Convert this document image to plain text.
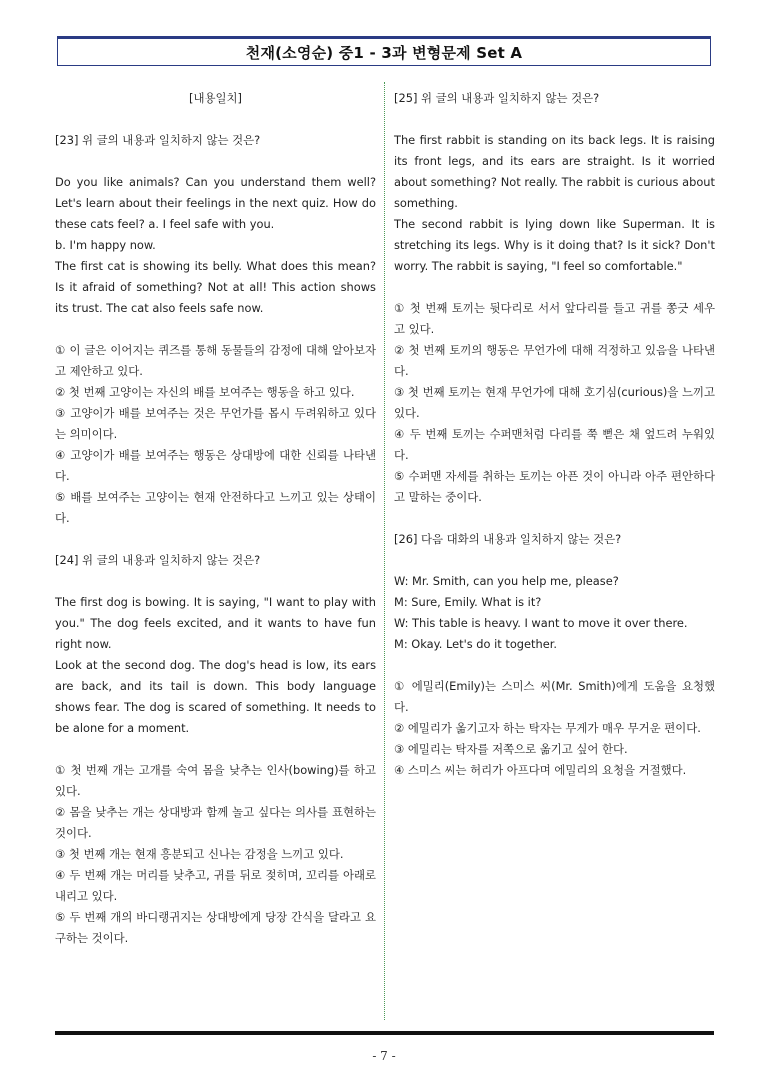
천재(소영순) 중1 - 3과 변형문제 Set A

[내용일치]

[23] 위 글의 내용과 일치하지 않는 것은?

Do you like animals? Can you understand them well? Let's learn about their feelings in the next quiz. How do these cats feel? a. I feel safe with you.

b. I'm happy now.

The first cat is showing its belly. What does this mean? Is it afraid of something? Not at all! This action shows its trust. The cat also feels safe now.

① 이 글은 이어지는 퀴즈를 통해 동물들의 감정에 대해 알아보자고 제안하고 있다.

② 첫 번째 고양이는 자신의 배를 보여주는 행동을 하고 있다.

③ 고양이가 배를 보여주는 것은 무언가를 몹시 두려워하고 있다는 의미이다.

④ 고양이가 배를 보여주는 행동은 상대방에 대한 신뢰를 나타낸다.

⑤ 배를 보여주는 고양이는 현재 안전하다고 느끼고 있는 상태이다.

[24] 위 글의 내용과 일치하지 않는 것은?

The first dog is bowing. It is saying, "I want to play with you." The dog feels excited, and it wants to have fun right now.

Look at the second dog. The dog's head is low, its ears are back, and its tail is down. This body language shows fear. The dog is scared of something. It needs to be alone for a moment.

① 첫 번째 개는 고개를 숙여 몸을 낮추는 인사(bowing)를 하고 있다.

② 몸을 낮추는 개는 상대방과 함께 놀고 싶다는 의사를 표현하는 것이다.

③ 첫 번째 개는 현재 흥분되고 신나는 감정을 느끼고 있다.

④ 두 번째 개는 머리를 낮추고, 귀를 뒤로 젖히며, 꼬리를 아래로 내리고 있다.

⑤ 두 번째 개의 바디랭귀지는 상대방에게 당장 간식을 달라고 요구하는 것이다.

[25] 위 글의 내용과 일치하지 않는 것은?

The first rabbit is standing on its back legs. It is raising its front legs, and its ears are straight. Is it worried about something? Not really. The rabbit is curious about something.

The second rabbit is lying down like Superman. It is stretching its legs. Why is it doing that? Is it sick? Don't worry. The rabbit is saying, "I feel so comfortable."

① 첫 번째 토끼는 뒷다리로 서서 앞다리를 들고 귀를 쫑긋 세우고 있다.

② 첫 번째 토끼의 행동은 무언가에 대해 걱정하고 있음을 나타낸다.

③ 첫 번째 토끼는 현재 무언가에 대해 호기심(curious)을 느끼고 있다.

④ 두 번째 토끼는 수퍼맨처럼 다리를 쭉 뻗은 채 엎드려 누워있다.

⑤ 수퍼맨 자세를 취하는 토끼는 아픈 것이 아니라 아주 편안하다고 말하는 중이다.

[26] 다음 대화의 내용과 일치하지 않는 것은?

W: Mr. Smith, can you help me, please?

M: Sure, Emily. What is it?

W: This table is heavy. I want to move it over there.

M: Okay. Let's do it together.

① 에밀리(Emily)는 스미스 씨(Mr. Smith)에게 도움을 요청했다.

② 에밀리가 옮기고자 하는 탁자는 무게가 매우 무거운 편이다.

③ 에밀리는 탁자를 저쪽으로 옮기고 싶어 한다.

④ 스미스 씨는 허리가 아프다며 에밀리의 요청을 거절했다.

- 7 -
